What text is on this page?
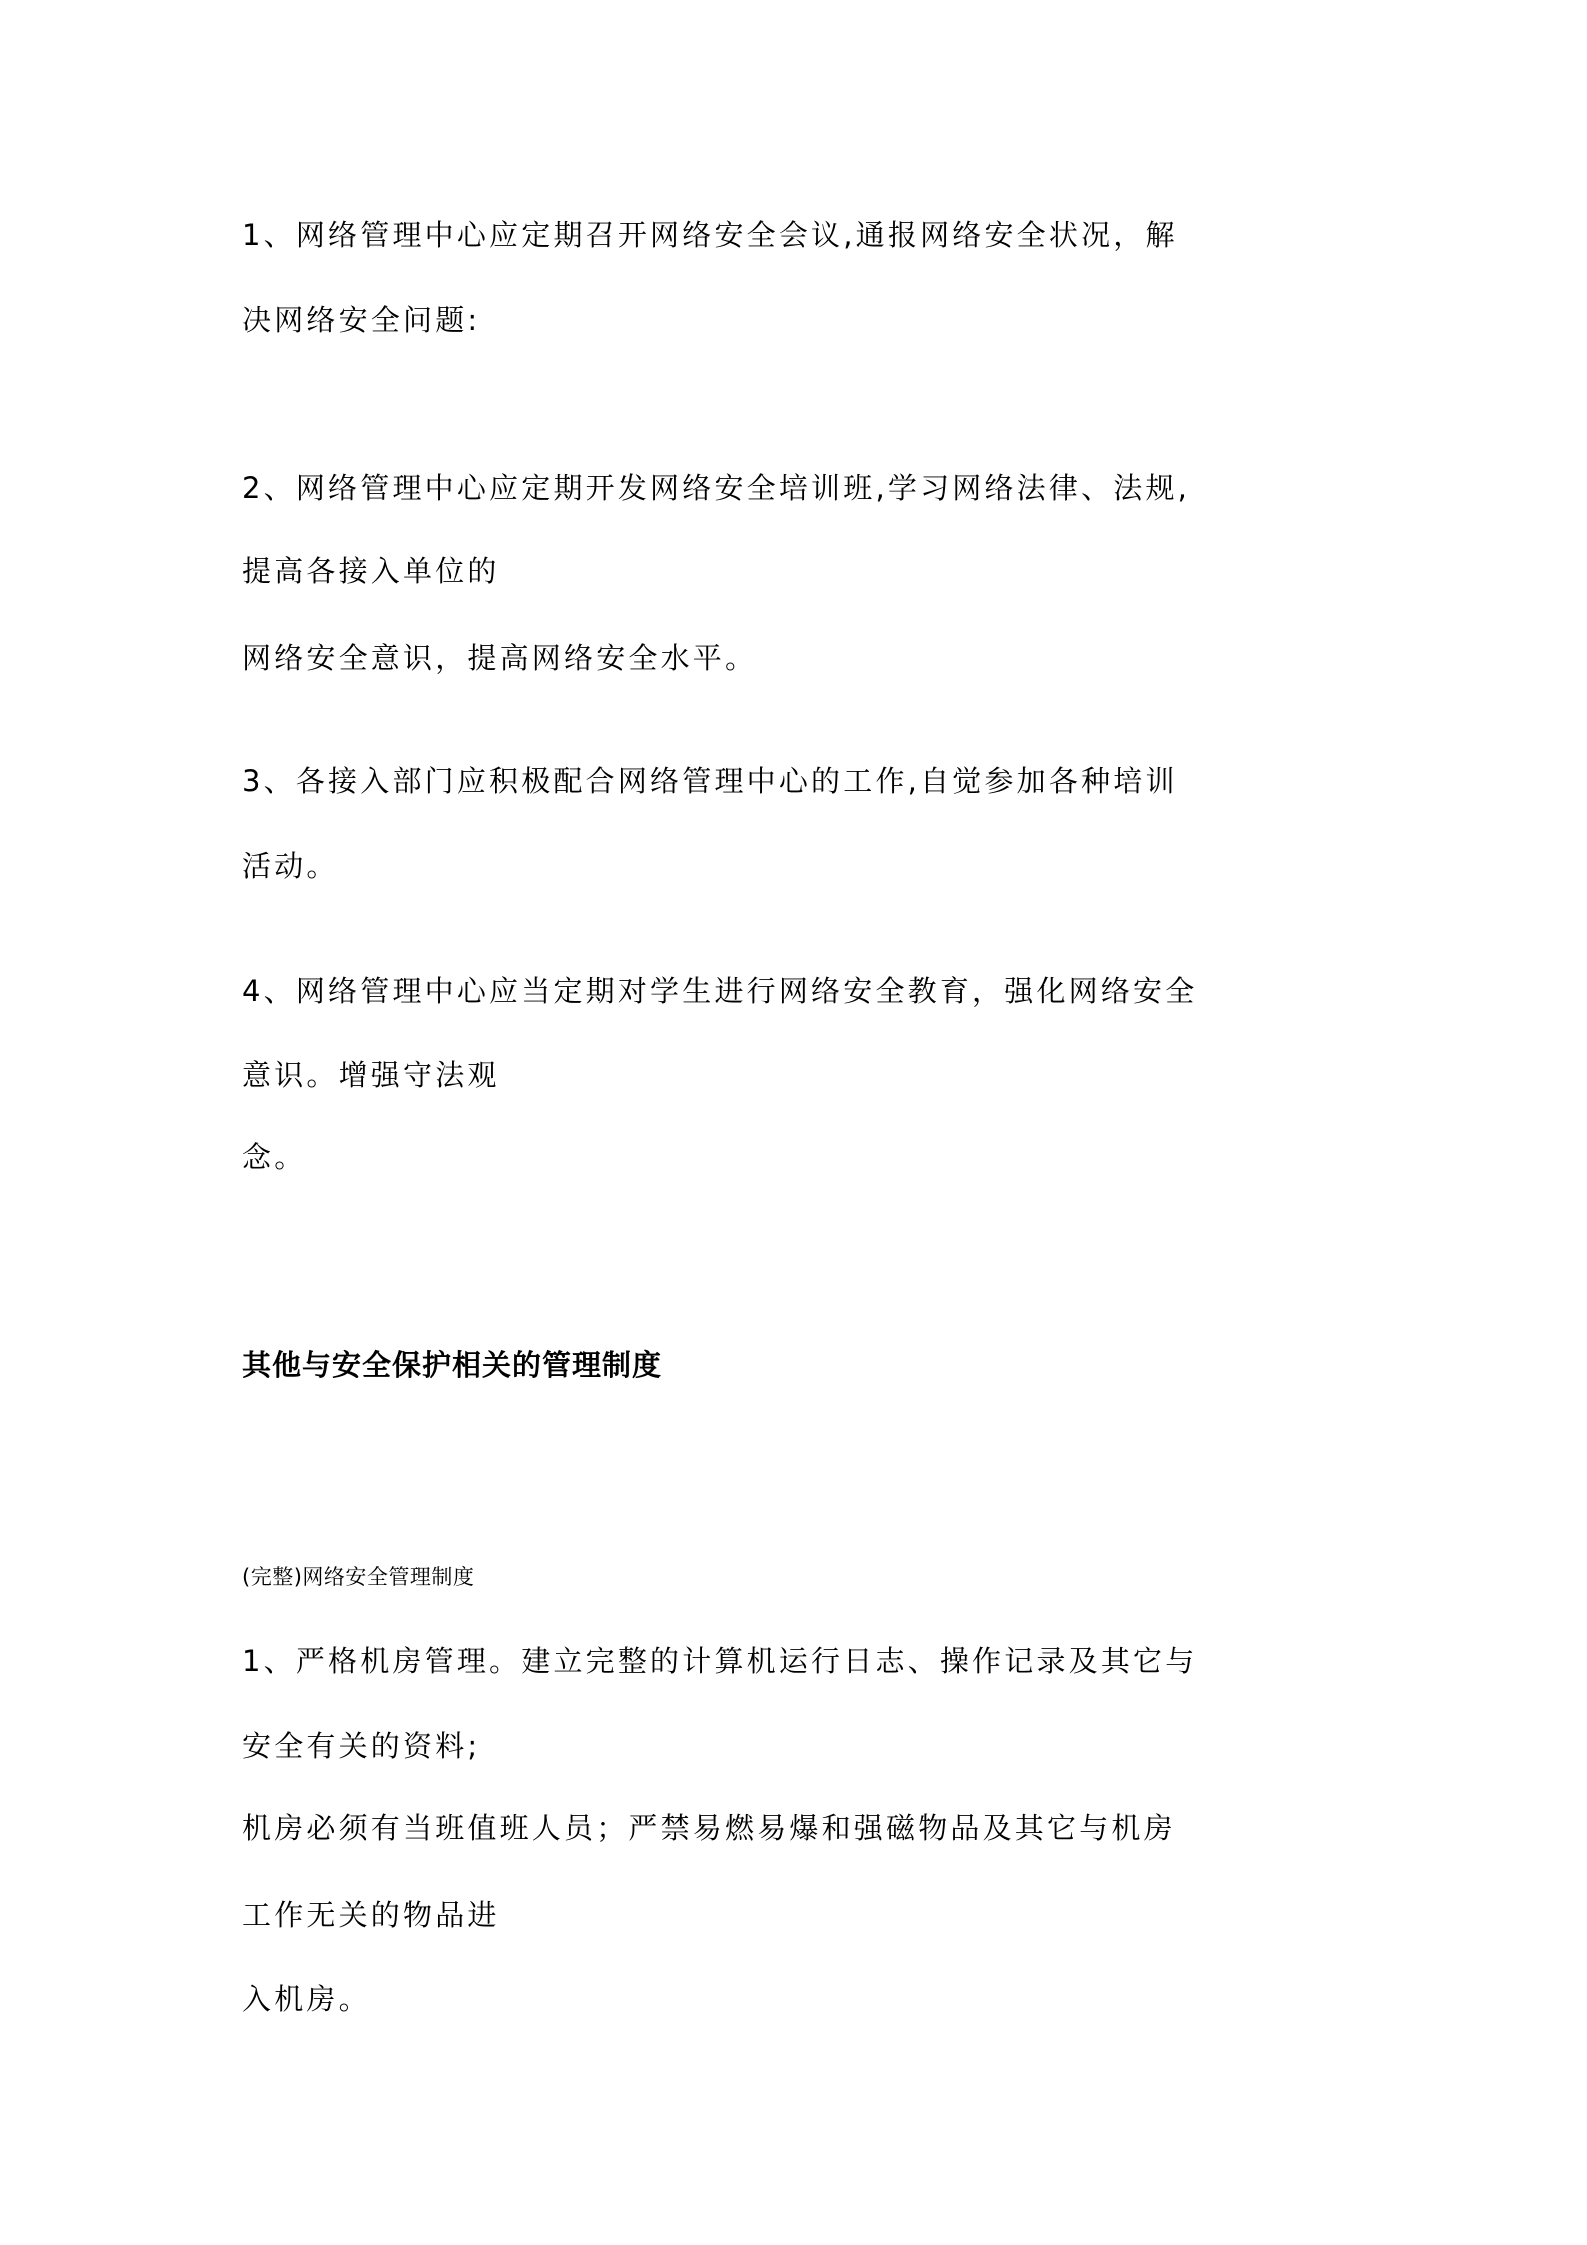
1、网络管理中心应定期召开网络安全会议,通报网络安全状况，解
决网络安全问题:
2、网络管理中心应定期开发网络安全培训班,学习网络法律、法规,
提高各接入单位的
网络安全意识，提高网络安全水平。
3、各接入部门应积极配合网络管理中心的工作,自觉参加各种培训
活动。
4、网络管理中心应当定期对学生进行网络安全教育，强化网络安全
意识。增强守法观
念。
其他与安全保护相关的管理制度
(完整)网络安全管理制度
1、严格机房管理。建立完整的计算机运行日志、操作记录及其它与
安全有关的资料;
机房必须有当班值班人员；严禁易燃易爆和强磁物品及其它与机房
工作无关的物品进
入机房。
